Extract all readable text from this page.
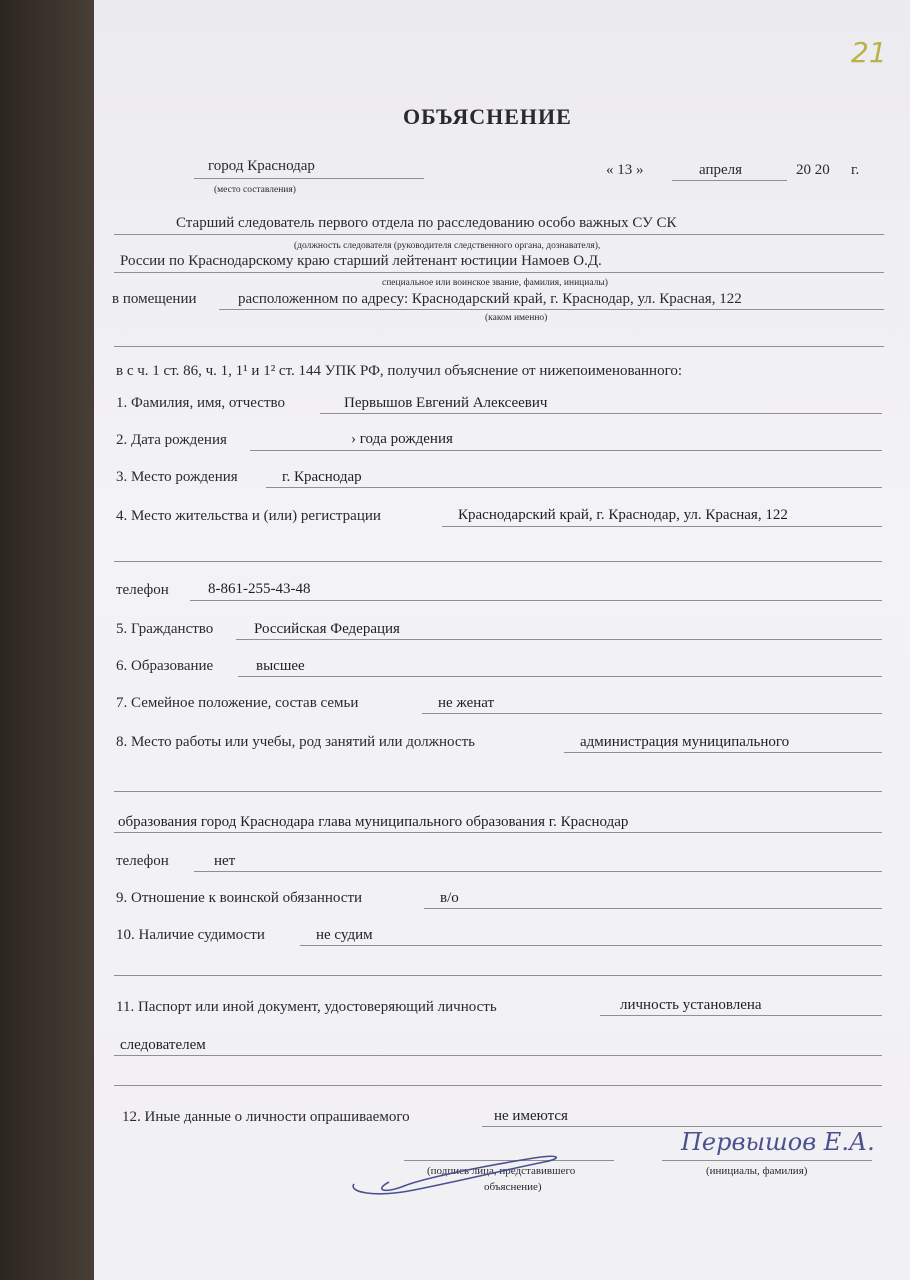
21
ОБЪЯСНЕНИЕ
город Краснодар
(место составления)
« 13 »	апреля	20 20 г.
Старший следователь первого отдела по расследованию особо важных СУ СК
(должность следователя (руководителя следственного органа, дознавателя),
России по Краснодарскому краю старший лейтенант юстиции Намоев О.Д.
специальное или воинское звание, фамилия, инициалы)
в помещении	расположенном по адресу: Краснодарский край, г. Краснодар, ул. Красная, 122
(каком именно)
в с ч. 1 ст. 86, ч. 1, 1¹ и 1² ст. 144 УПК РФ, получил объяснение от нижепоименованного:
1. Фамилия, имя, отчество	Первышов Евгений Алексеевич
2. Дата рождения	› года рождения
3. Место рождения	г. Краснодар
4. Место жительства и (или) регистрации	Краснодарский край, г. Краснодар, ул. Красная, 122
телефон	8-861-255-43-48
5. Гражданство	Российская Федерация
6. Образование	высшее
7. Семейное положение, состав семьи	не женат
8. Место работы или учебы, род занятий или должность	администрация муниципального
образования город Краснодара глава муниципального образования г. Краснодар
телефон	нет
9. Отношение к воинской обязанности	в/о
10. Наличие судимости	не судим
11. Паспорт или иной документ, удостоверяющий личность	личность установлена
следователем
12. Иные данные о личности опрашиваемого	не имеются
(подпись лица, представившего
объяснение)
(инициалы, фамилия)
Первышов Е.А.
